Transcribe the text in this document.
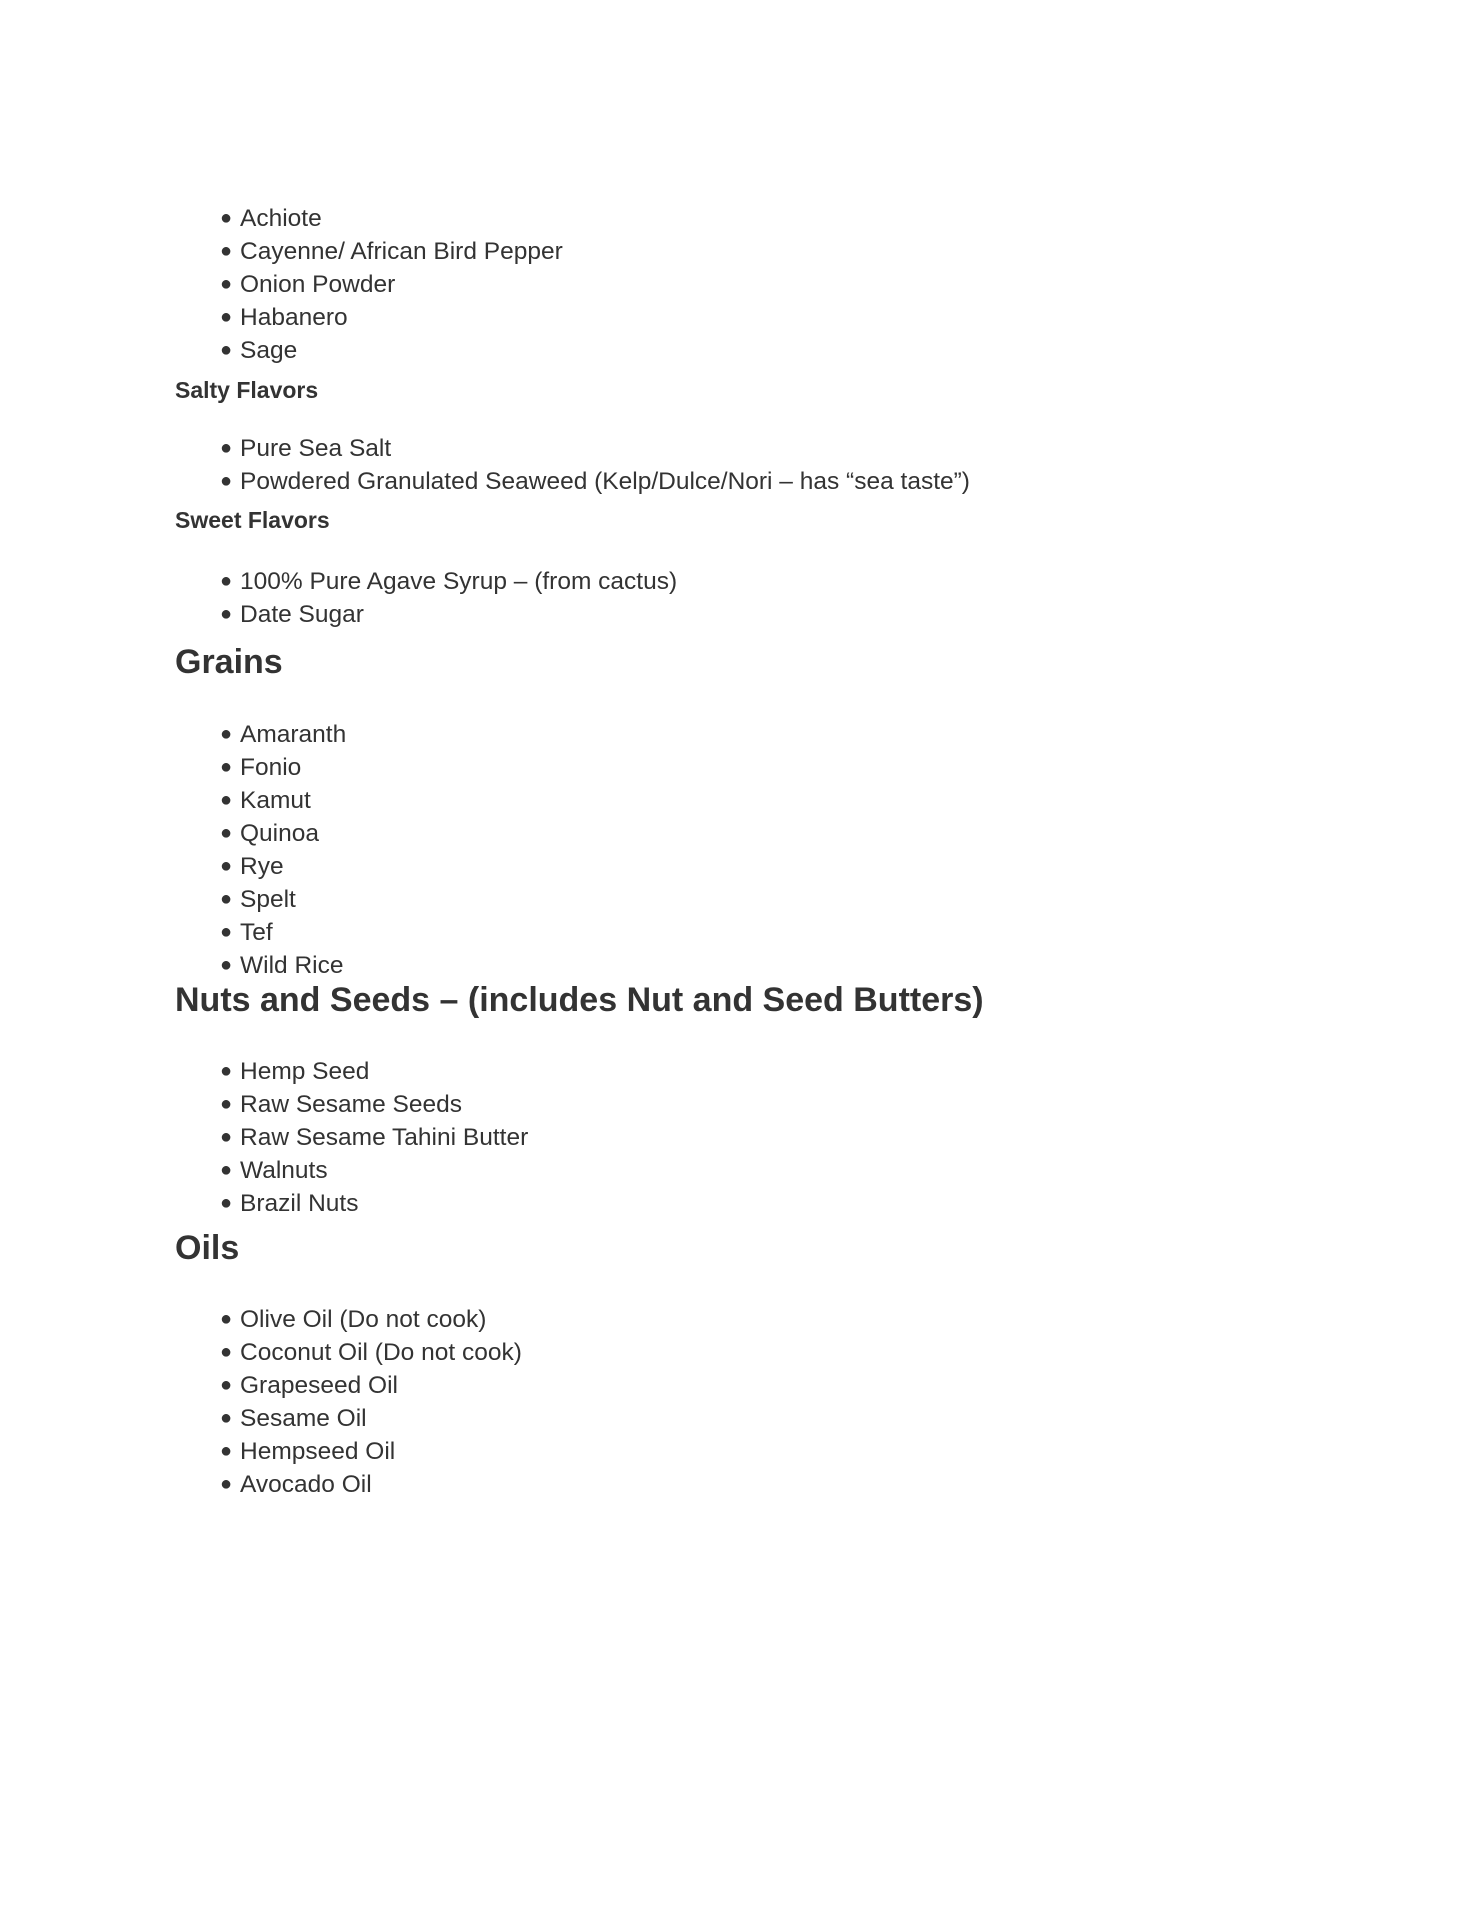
● Achiote
● Cayenne/ African Bird Pepper
● Onion Powder
● Habanero
● Sage
Salty Flavors
● Pure Sea Salt
● Powdered Granulated Seaweed (Kelp/Dulce/Nori – has “sea taste”)
Sweet Flavors
● 100% Pure Agave Syrup – (from cactus)
● Date Sugar
Grains
● Amaranth
● Fonio
● Kamut
● Quinoa
● Rye
● Spelt
● Tef
● Wild Rice
Nuts and Seeds – (includes Nut and Seed Butters)
● Hemp Seed
● Raw Sesame Seeds
● Raw Sesame Tahini Butter
● Walnuts
● Brazil Nuts
Oils
● Olive Oil (Do not cook)
● Coconut Oil (Do not cook)
● Grapeseed Oil
● Sesame Oil
● Hempseed Oil
● Avocado Oil
